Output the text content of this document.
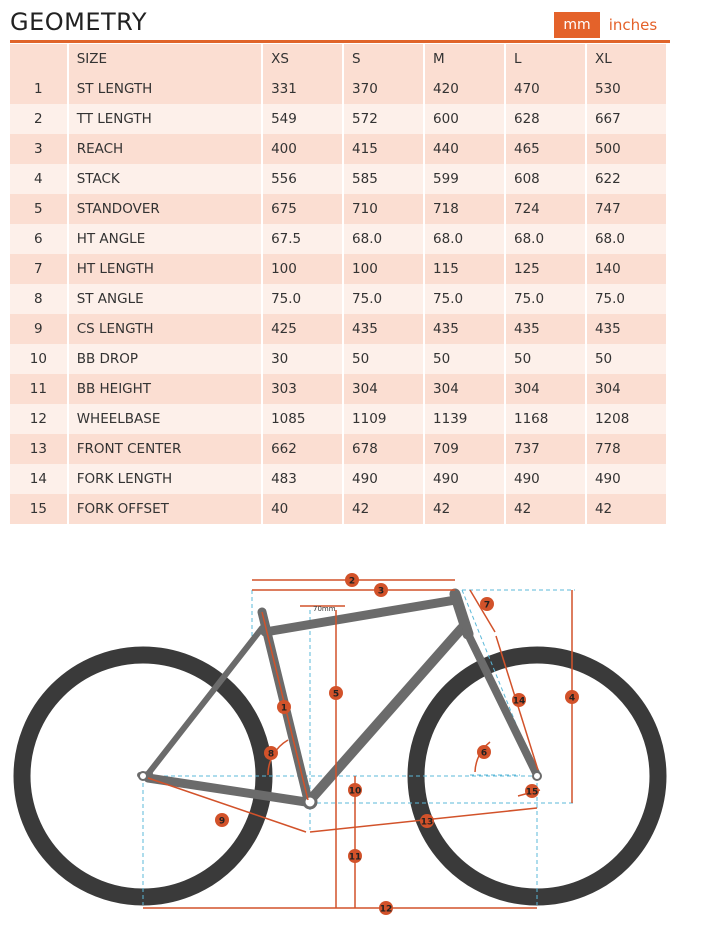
GEOMETRY	mm	inches
	SIZE	XS	S	M	L	XL
1	ST LENGTH	331	370	420	470	530
2	TT LENGTH	549	572	600	628	667
3	REACH	400	415	440	465	500
4	STACK	556	585	599	608	622
5	STANDOVER	675	710	718	724	747
6	HT ANGLE	67.5	68.0	68.0	68.0	68.0
7	HT LENGTH	100	100	115	125	140
8	ST ANGLE	75.0	75.0	75.0	75.0	75.0
9	CS LENGTH	425	435	435	435	435
10	BB DROP	30	50	50	50	50
11	BB HEIGHT	303	304	304	304	304
12	WHEELBASE	1085	1109	1139	1168	1208
13	FRONT CENTER	662	678	709	737	778
14	FORK LENGTH	483	490	490	490	490
15	FORK OFFSET	40	42	42	42	42
70mm
2
3
7
5	4
14
1
6
8
10	15
9	13
11
12
